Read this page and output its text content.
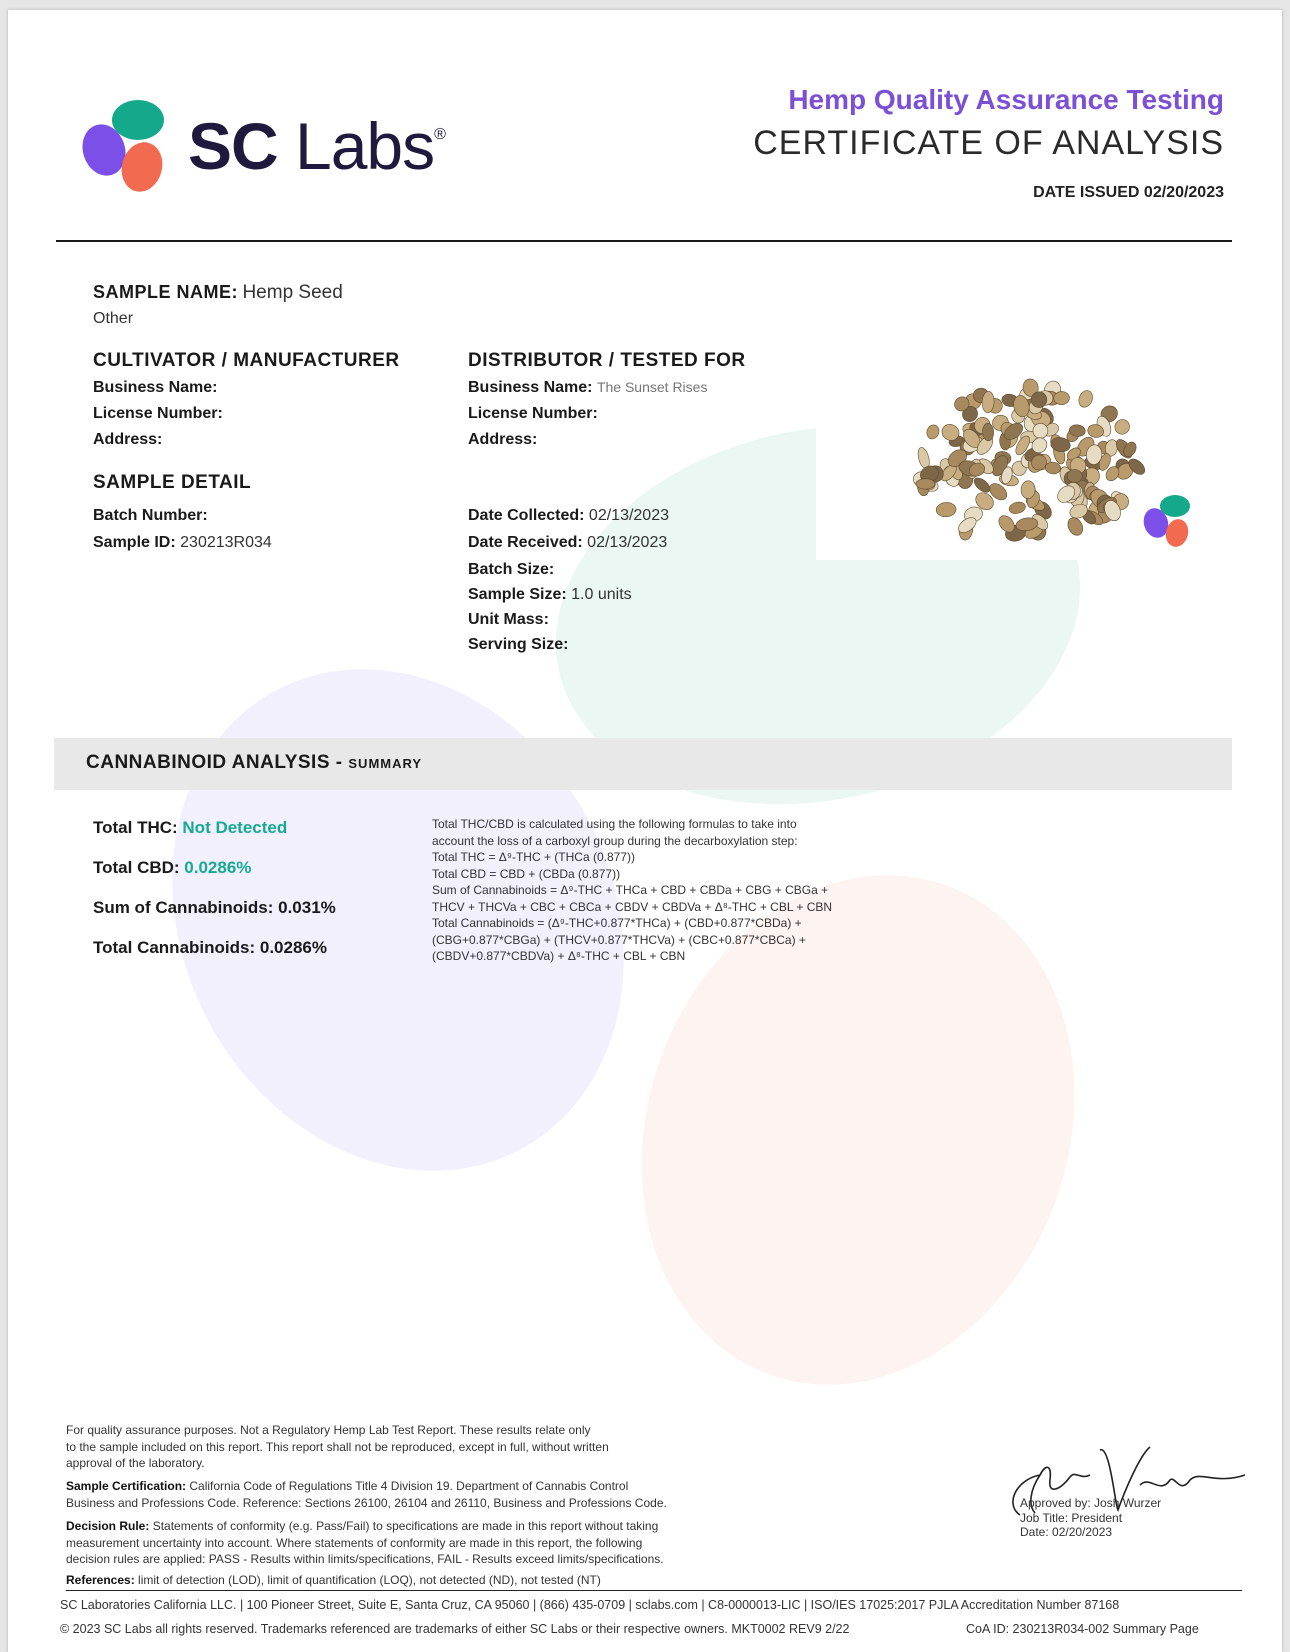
SC Labs®
Hemp Quality Assurance Testing
CERTIFICATE OF ANALYSIS
DATE ISSUED 02/20/2023
SAMPLE NAME: Hemp Seed
Other
CULTIVATOR / MANUFACTURER
Business Name:
License Number:
Address:
DISTRIBUTOR / TESTED FOR
Business Name: The Sunset Rises
License Number:
Address:
SAMPLE DETAIL
Batch Number:
Sample ID: 230213R034
Date Collected: 02/13/2023
Date Received: 02/13/2023
Batch Size:
Sample Size: 1.0 units
Unit Mass:
Serving Size:
CANNABINOID ANALYSIS - SUMMARY
Total THC: Not Detected
Total CBD: 0.0286%
Sum of Cannabinoids: 0.031%
Total Cannabinoids: 0.0286%
Total THC/CBD is calculated using the following formulas to take into
account the loss of a carboxyl group during the decarboxylation step:
Total THC = Δ⁹-THC + (THCa (0.877))
Total CBD = CBD + (CBDa (0.877))
Sum of Cannabinoids = Δ⁹-THC + THCa + CBD + CBDa + CBG + CBGa +
THCV + THCVa + CBC + CBCa + CBDV + CBDVa + Δ⁸-THC + CBL + CBN
Total Cannabinoids = (Δ⁹-THC+0.877*THCa) + (CBD+0.877*CBDa) +
(CBG+0.877*CBGa) + (THCV+0.877*THCVa) + (CBC+0.877*CBCa) +
(CBDV+0.877*CBDVa) + Δ⁸-THC + CBL + CBN
For quality assurance purposes. Not a Regulatory Hemp Lab Test Report. These results relate only
to the sample included on this report. This report shall not be reproduced, except in full, without written
approval of the laboratory.
Sample Certification: California Code of Regulations Title 4 Division 19. Department of Cannabis Control
Business and Professions Code. Reference: Sections 26100, 26104 and 26110, Business and Professions Code.
Decision Rule: Statements of conformity (e.g. Pass/Fail) to specifications are made in this report without taking
measurement uncertainty into account. Where statements of conformity are made in this report, the following
decision rules are applied: PASS - Results within limits/specifications, FAIL - Results exceed limits/specifications.
References: limit of detection (LOD), limit of quantification (LOQ), not detected (ND), not tested (NT)
Approved by: Josh Wurzer
Job Title: President
Date: 02/20/2023
SC Laboratories California LLC. | 100 Pioneer Street, Suite E, Santa Cruz, CA 95060 | (866) 435-0709 | sclabs.com | C8-0000013-LIC | ISO/IES 17025:2017 PJLA Accreditation Number 87168
© 2023 SC Labs all rights reserved. Trademarks referenced are trademarks of either SC Labs or their respective owners. MKT0002 REV9 2/22	CoA ID: 230213R034-002 Summary Page
